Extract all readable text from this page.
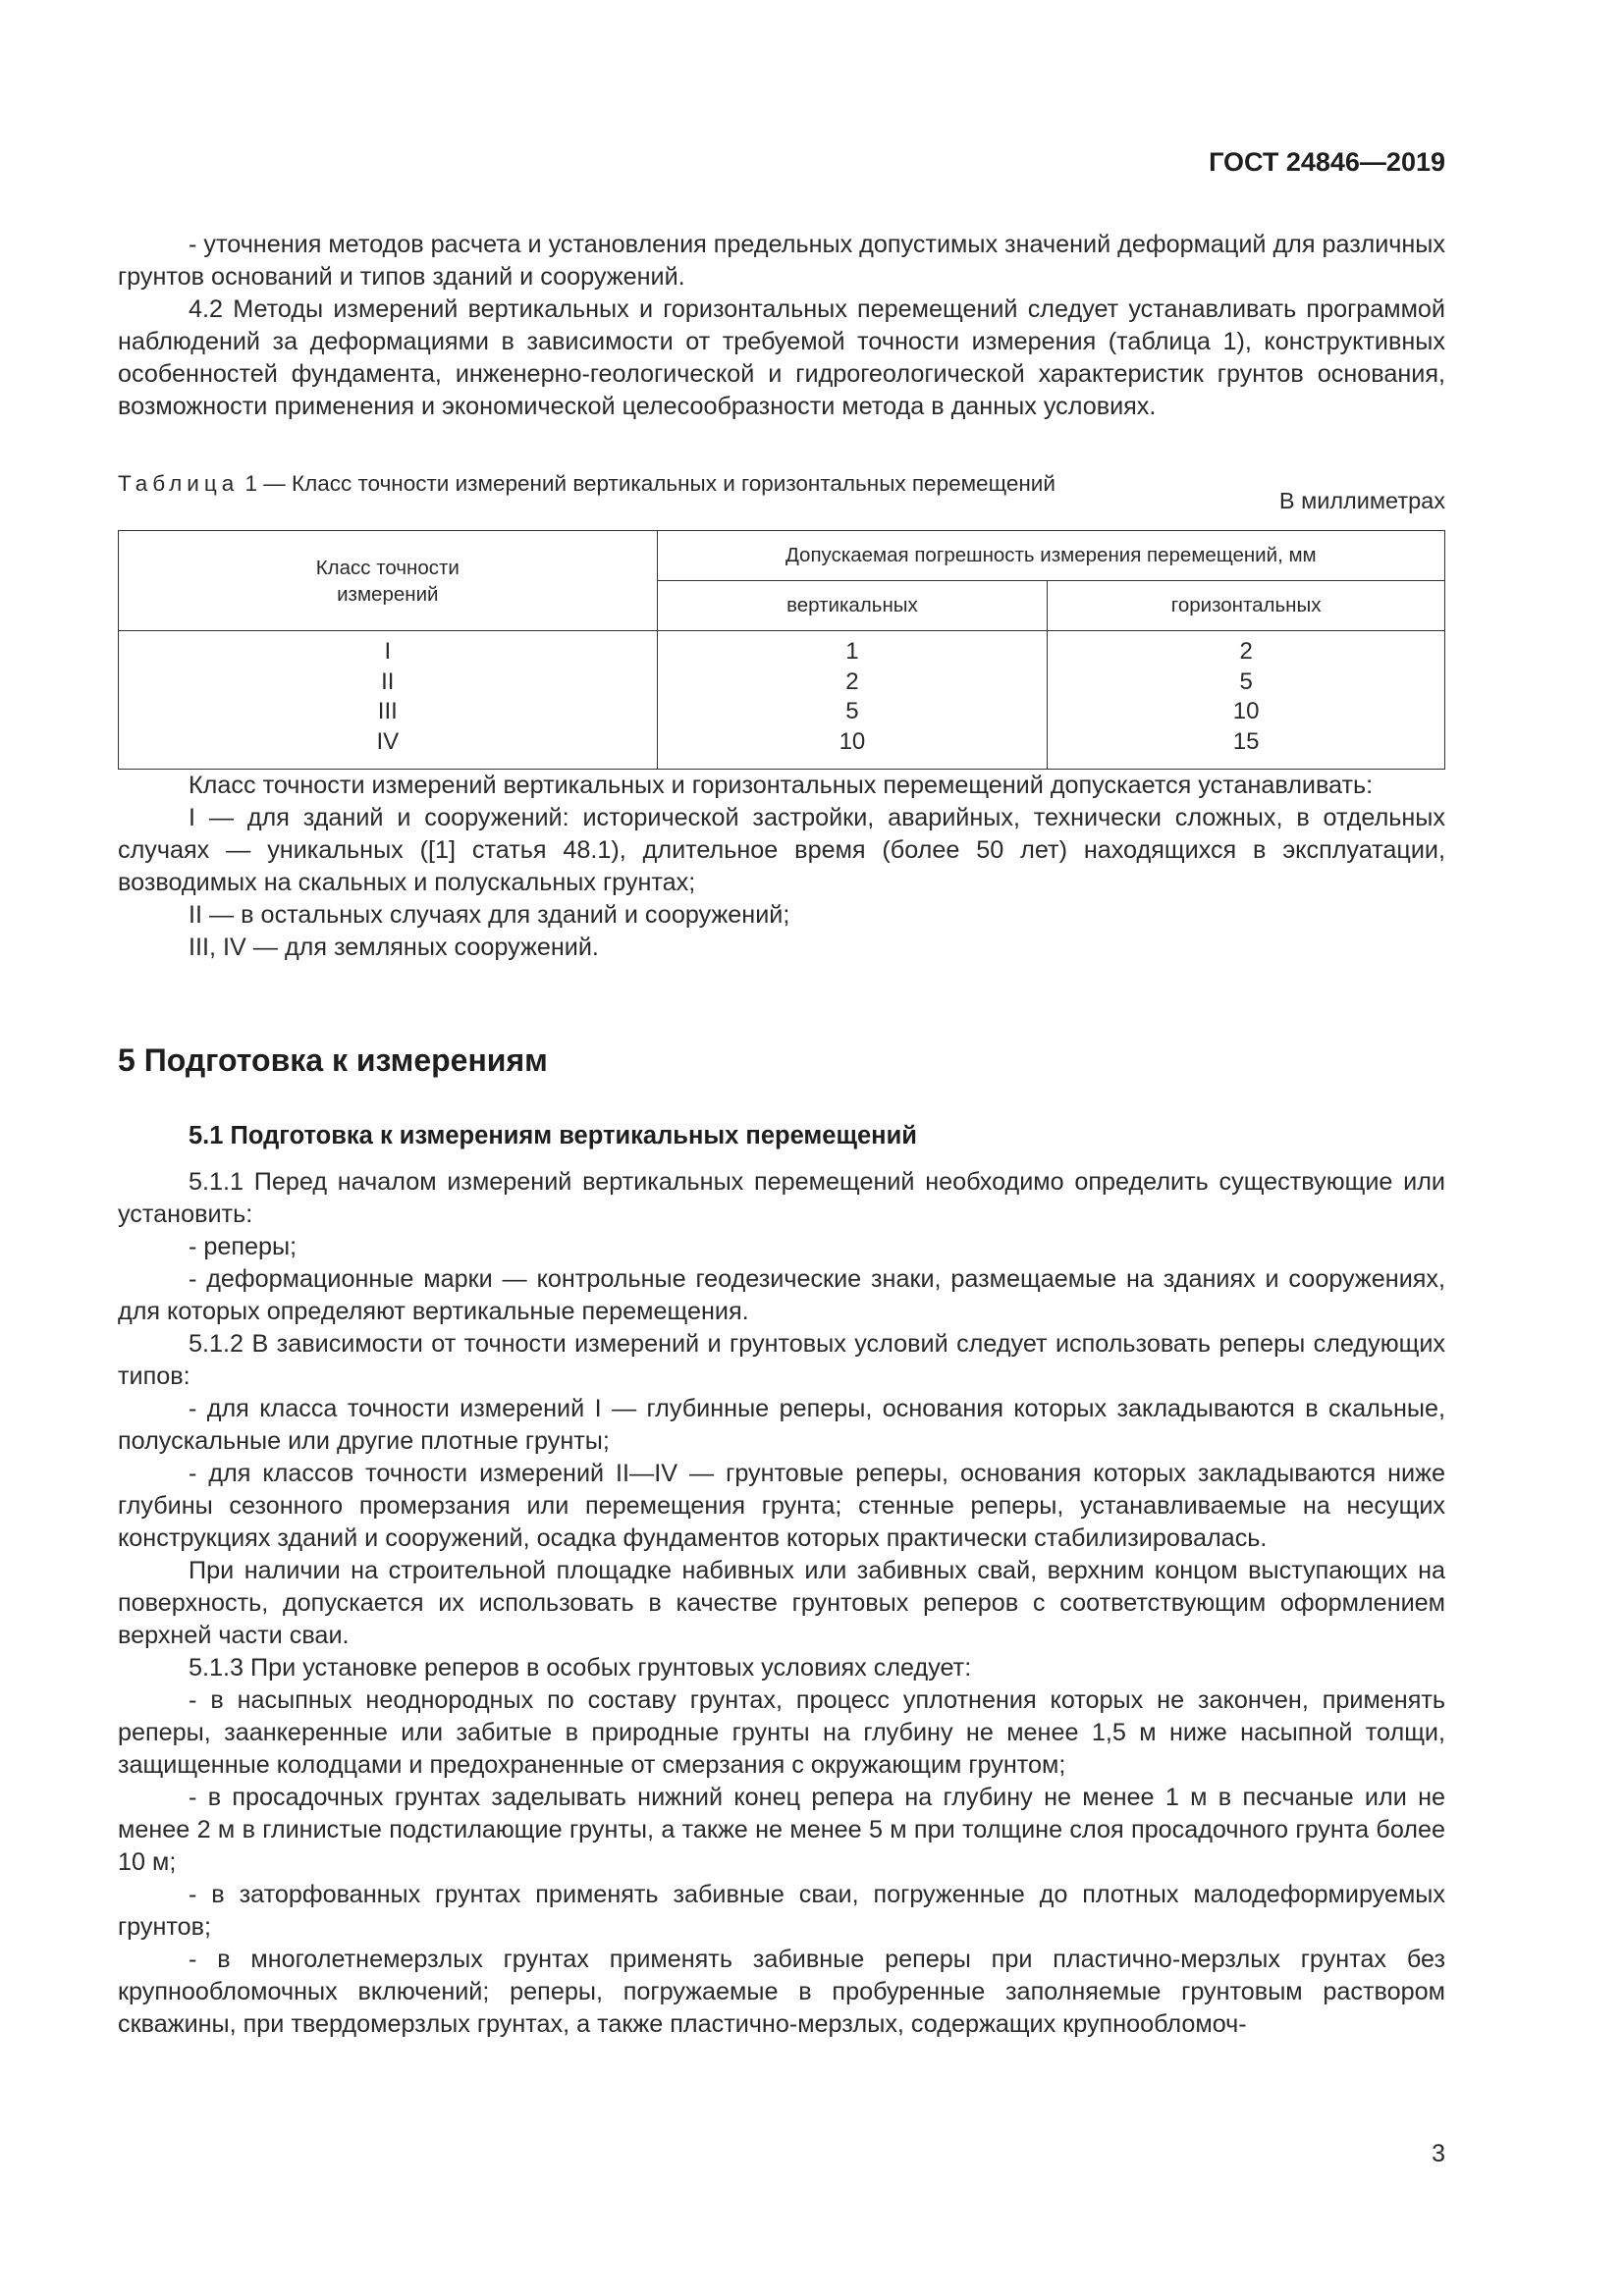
ГОСТ 24846—2019

- уточнения методов расчета и установления предельных допустимых значений деформаций для различных грунтов оснований и типов зданий и сооружений.

4.2 Методы измерений вертикальных и горизонтальных перемещений следует устанавливать программой наблюдений за деформациями в зависимости от требуемой точности измерения (таблица 1), конструктивных особенностей фундамента, инженерно-геологической и гидрогеологической характеристик грунтов основания, возможности применения и экономической целесообразности метода в данных условиях.

Таблица 1 — Класс точности измерений вертикальных и горизонтальных перемещений
В миллиметрах
Класс точности измерений	Допускаемая погрешность измерения перемещений, мм	
	вертикальных	горизонтальных
I	1	2
II	2	5
III	5	10
IV	10	15

Класс точности измерений вертикальных и горизонтальных перемещений допускается устанавливать:

I — для зданий и сооружений: исторической застройки, аварийных, технически сложных, в отдельных случаях — уникальных ([1] статья 48.1), длительное время (более 50 лет) находящихся в эксплуатации, возводимых на скальных и полускальных грунтах;

II — в остальных случаях для зданий и сооружений;

III, IV — для земляных сооружений.

5 Подготовка к измерениям
5.1 Подготовка к измерениям вертикальных перемещений

5.1.1 Перед началом измерений вертикальных перемещений необходимо определить существующие или установить:

- реперы;

- деформационные марки — контрольные геодезические знаки, размещаемые на зданиях и сооружениях, для которых определяют вертикальные перемещения.

5.1.2 В зависимости от точности измерений и грунтовых условий следует использовать реперы следующих типов:

- для класса точности измерений I — глубинные реперы, основания которых закладываются в скальные, полускальные или другие плотные грунты;

- для классов точности измерений II—IV — грунтовые реперы, основания которых закладываются ниже глубины сезонного промерзания или перемещения грунта; стенные реперы, устанавливаемые на несущих конструкциях зданий и сооружений, осадка фундаментов которых практически стабилизировалась.

При наличии на строительной площадке набивных или забивных свай, верхним концом выступающих на поверхность, допускается их использовать в качестве грунтовых реперов с соответствующим оформлением верхней части сваи.

5.1.3 При установке реперов в особых грунтовых условиях следует:

- в насыпных неоднородных по составу грунтах, процесс уплотнения которых не закончен, применять реперы, заанкеренные или забитые в природные грунты на глубину не менее 1,5 м ниже насыпной толщи, защищенные колодцами и предохраненные от смерзания с окружающим грунтом;

- в просадочных грунтах заделывать нижний конец репера на глубину не менее 1 м в песчаные или не менее 2 м в глинистые подстилающие грунты, а также не менее 5 м при толщине слоя просадочного грунта более 10 м;

- в заторфованных грунтах применять забивные сваи, погруженные до плотных малодеформируемых грунтов;

- в многолетнемерзлых грунтах применять забивные реперы при пластично-мерзлых грунтах без крупнообломочных включений; реперы, погружаемые в пробуренные заполняемые грунтовым раствором скважины, при твердомерзлых грунтах, а также пластично-мерзлых, содержащих крупнообломоч-

3
